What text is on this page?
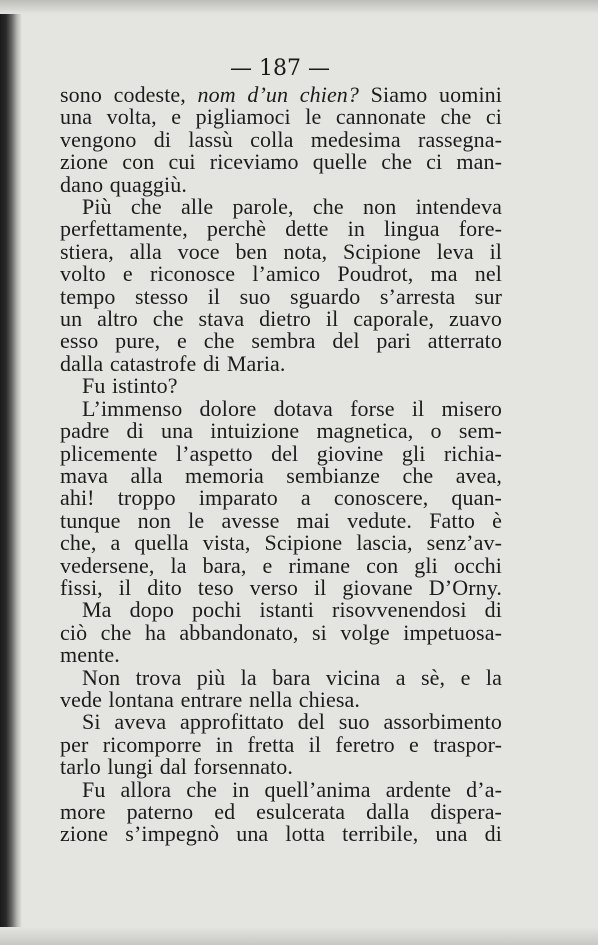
— 187 —
sono codeste, nom d’un chien? Siamo uomini
una volta, e pigliamoci le cannonate che ci
vengono di lassù colla medesima rassegna-
zione con cui riceviamo quelle che ci man-
dano quaggiù.
Più che alle parole, che non intendeva
perfettamente, perchè dette in lingua fore-
stiera, alla voce ben nota, Scipione leva il
volto e riconosce l’amico Poudrot, ma nel
tempo stesso il suo sguardo s’arresta sur
un altro che stava dietro il caporale, zuavo
esso pure, e che sembra del pari atterrato
dalla catastrofe di Maria.
Fu istinto?
L’immenso dolore dotava forse il misero
padre di una intuizione magnetica, o sem-
plicemente l’aspetto del giovine gli richia-
mava alla memoria sembianze che avea,
ahi! troppo imparato a conoscere, quan-
tunque non le avesse mai vedute. Fatto è
che, a quella vista, Scipione lascia, senz’av-
vedersene, la bara, e rimane con gli occhi
fissi, il dito teso verso il giovane D’Orny.
Ma dopo pochi istanti risovvenendosi di
ciò che ha abbandonato, si volge impetuosa-
mente.
Non trova più la bara vicina a sè, e la
vede lontana entrare nella chiesa.
Si aveva approfittato del suo assorbimento
per ricomporre in fretta il feretro e traspor-
tarlo lungi dal forsennato.
Fu allora che in quell’anima ardente d’a-
more paterno ed esulcerata dalla dispera-
zione s’impegnò una lotta terribile, una di
